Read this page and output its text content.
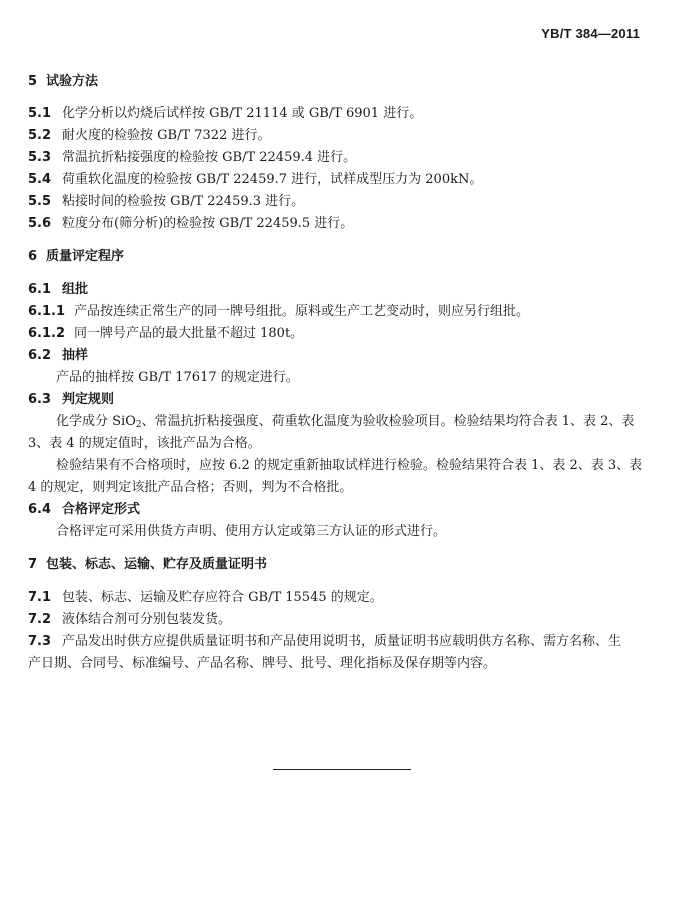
YB/T 384—2011
5 试验方法
5.1 化学分析以灼烧后试样按 GB/T 21114 或 GB/T 6901 进行。
5.2 耐火度的检验按 GB/T 7322 进行。
5.3 常温抗折粘接强度的检验按 GB/T 22459.4 进行。
5.4 荷重软化温度的检验按 GB/T 22459.7 进行，试样成型压力为 200kN。
5.5 粘接时间的检验按 GB/T 22459.3 进行。
5.6 粒度分布(筛分析)的检验按 GB/T 22459.5 进行。
6 质量评定程序
6.1 组批
6.1.1 产品按连续正常生产的同一牌号组批。原料或生产工艺变动时，则应另行组批。
6.1.2 同一牌号产品的最大批量不超过 180t。
6.2 抽样
产品的抽样按 GB/T 17617 的规定进行。
6.3 判定规则
化学成分 SiO$_2$、常温抗折粘接强度、荷重软化温度为验收检验项目。检验结果均符合表 1、表 2、表
3、表 4 的规定值时，该批产品为合格。
检验结果有不合格项时，应按 6.2 的规定重新抽取试样进行检验。检验结果符合表 1、表 2、表 3、表
4 的规定，则判定该批产品合格；否则，判为不合格批。
6.4 合格评定形式
合格评定可采用供货方声明、使用方认定或第三方认证的形式进行。
7 包装、标志、运输、贮存及质量证明书
7.1 包装、标志、运输及贮存应符合 GB/T 15545 的规定。
7.2 液体结合剂可分别包装发货。
7.3 产品发出时供方应提供质量证明书和产品使用说明书，质量证明书应载明供方名称、需方名称、生
产日期、合同号、标准编号、产品名称、牌号、批号、理化指标及保存期等内容。
